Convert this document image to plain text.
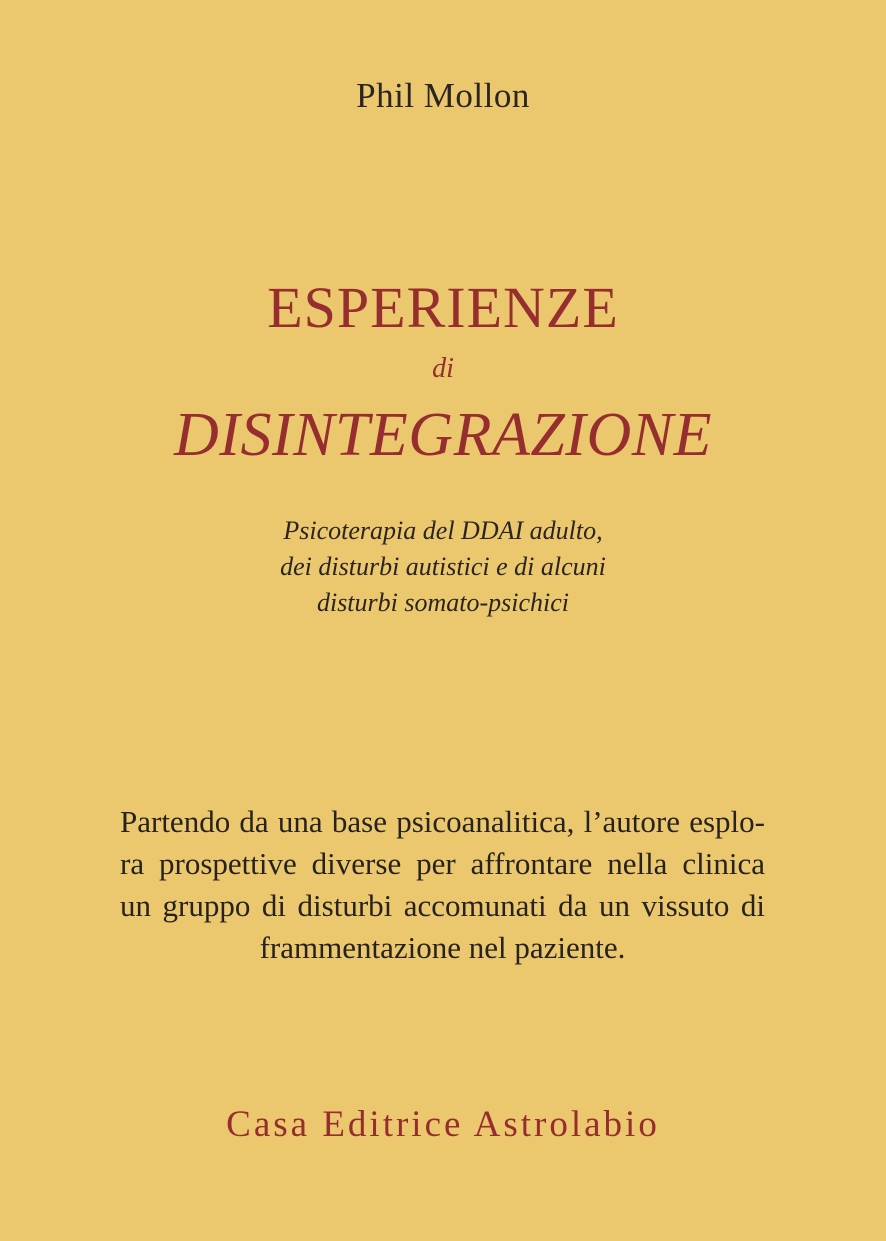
Phil Mollon
ESPERIENZE
di
DISINTEGRAZIONE
Psicoterapia del DDAI adulto,
dei disturbi autistici e di alcuni
disturbi somato-psichici
Partendo da una base psicoanalitica, l’autore esplo-
ra prospettive diverse per affrontare nella clinica
un gruppo di disturbi accomunati da un vissuto di
frammentazione nel paziente.
Casa Editrice Astrolabio
